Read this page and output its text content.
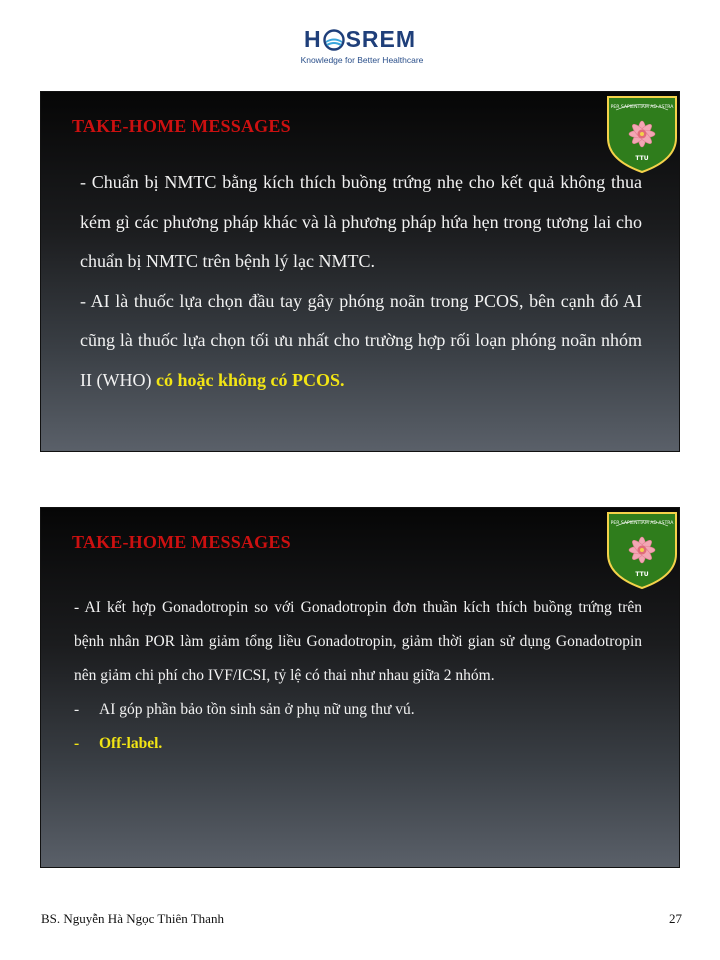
H SREM
Knowledge for Better Healthcare
TAKE-HOME MESSAGES
PER SAPIENTIAM AD ASTRA
TTU

- Chuẩn bị NMTC bằng kích thích buồng trứng nhẹ cho kết quả không thua kém gì các phương pháp khác và là phương pháp hứa hẹn trong tương lai cho chuẩn bị NMTC trên bệnh lý lạc NMTC.

- AI là thuốc lựa chọn đầu tay gây phóng noãn trong PCOS, bên cạnh đó AI cũng là thuốc lựa chọn tối ưu nhất cho trường hợp rối loạn phóng noãn nhóm II (WHO) có hoặc không có PCOS.

TAKE-HOME MESSAGES
PER SAPIENTIAM AD ASTRA
TTU

- AI kết hợp Gonadotropin so với Gonadotropin đơn thuần kích thích buồng trứng trên bệnh nhân POR làm giảm tổng liều Gonadotropin, giảm thời gian sử dụng Gonadotropin nên giảm chi phí cho IVF/ICSI, tỷ lệ có thai như nhau giữa 2 nhóm.

-	AI góp phần bảo tồn sinh sản ở phụ nữ ung thư vú.
-	Off-label.
BS. Nguyễn Hà Ngọc Thiên Thanh	27
